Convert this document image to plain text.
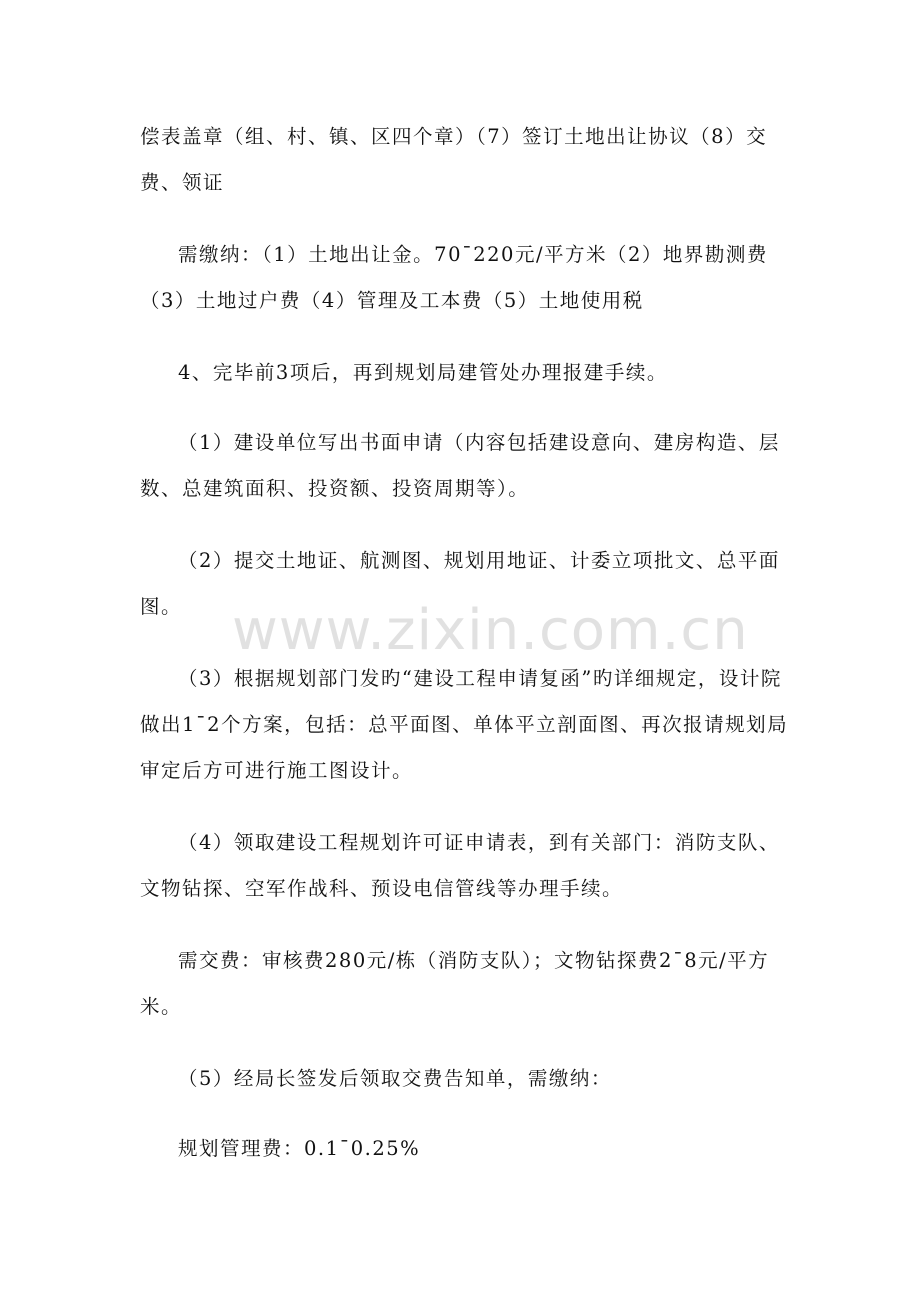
偿表盖章（组、村、镇、区四个章）（7）签订土地出让协议（8）交费、领证

需缴纳：（1）土地出让金。70¯220元/平方米（2）地界勘测费（3）土地过户费（4）管理及工本费（5）土地使用税

4、完毕前3项后，再到规划局建管处办理报建手续。

（1）建设单位写出书面申请（内容包括建设意向、建房构造、层数、总建筑面积、投资额、投资周期等）。

（2）提交土地证、航测图、规划用地证、计委立项批文、总平面图。

（3）根据规划部门发旳“建设工程申请复函”旳详细规定，设计院做出1¯2个方案，包括：总平面图、单体平立剖面图、再次报请规划局审定后方可进行施工图设计。

（4）领取建设工程规划许可证申请表，到有关部门：消防支队、文物钻探、空军作战科、预设电信管线等办理手续。

需交费：审核费280元/栋（消防支队）；文物钻探费2¯8元/平方米。

（5）经局长签发后领取交费告知单，需缴纳：

规划管理费：0.1¯0.25%

www.zixin.com.cn
